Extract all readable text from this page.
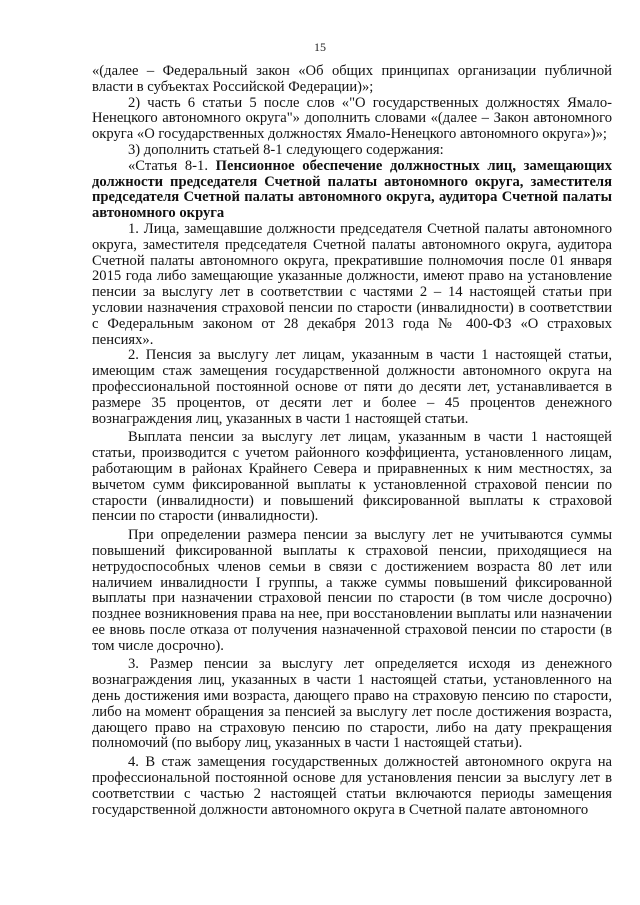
15

«(далее – Федеральный закон «Об общих принципах организации публичной власти в субъектах Российской Федерации)»;

2) часть 6 статьи 5 после слов «"О государственных должностях Ямало-Ненецкого автономного округа"» дополнить словами «(далее – Закон автономного округа «О государственных должностях Ямало-Ненецкого автономного округа»)»;

3) дополнить статьей 8-1 следующего содержания:

«Статья 8-1. Пенсионное обеспечение должностных лиц, замещающих должности председателя Счетной палаты автономного округа, заместителя председателя Счетной палаты автономного округа, аудитора Счетной палаты автономного округа

1. Лица, замещавшие должности председателя Счетной палаты автономного округа, заместителя председателя Счетной палаты автономного округа, аудитора Счетной палаты автономного округа, прекратившие полномочия после 01 января 2015 года либо замещающие указанные должности, имеют право на установление пенсии за выслугу лет в соответствии с частями 2 – 14 настоящей статьи при условии назначения страховой пенсии по старости (инвалидности) в соответствии с Федеральным законом от 28 декабря 2013 года № 400-ФЗ «О страховых пенсиях».

2. Пенсия за выслугу лет лицам, указанным в части 1 настоящей статьи, имеющим стаж замещения государственной должности автономного округа на профессиональной постоянной основе от пяти до десяти лет, устанавливается в размере 35 процентов, от десяти лет и более – 45 процентов денежного вознаграждения лиц, указанных в части 1 настоящей статьи.

Выплата пенсии за выслугу лет лицам, указанным в части 1 настоящей статьи, производится с учетом районного коэффициента, установленного лицам, работающим в районах Крайнего Севера и приравненных к ним местностях, за вычетом сумм фиксированной выплаты к установленной страховой пенсии по старости (инвалидности) и повышений фиксированной выплаты к страховой пенсии по старости (инвалидности).

При определении размера пенсии за выслугу лет не учитываются суммы повышений фиксированной выплаты к страховой пенсии, приходящиеся на нетрудоспособных членов семьи в связи с достижением возраста 80 лет или наличием инвалидности I группы, а также суммы повышений фиксированной выплаты при назначении страховой пенсии по старости (в том числе досрочно) позднее возникновения права на нее, при восстановлении выплаты или назначении ее вновь после отказа от получения назначенной страховой пенсии по старости (в том числе досрочно).

3. Размер пенсии за выслугу лет определяется исходя из денежного вознаграждения лиц, указанных в части 1 настоящей статьи, установленного на день достижения ими возраста, дающего право на страховую пенсию по старости, либо на момент обращения за пенсией за выслугу лет после достижения возраста, дающего право на страховую пенсию по старости, либо на дату прекращения полномочий (по выбору лиц, указанных в части 1 настоящей статьи).

4. В стаж замещения государственных должностей автономного округа на профессиональной постоянной основе для установления пенсии за выслугу лет в соответствии с частью 2 настоящей статьи включаются периоды замещения государственной должности автономного округа в Счетной палате автономного
